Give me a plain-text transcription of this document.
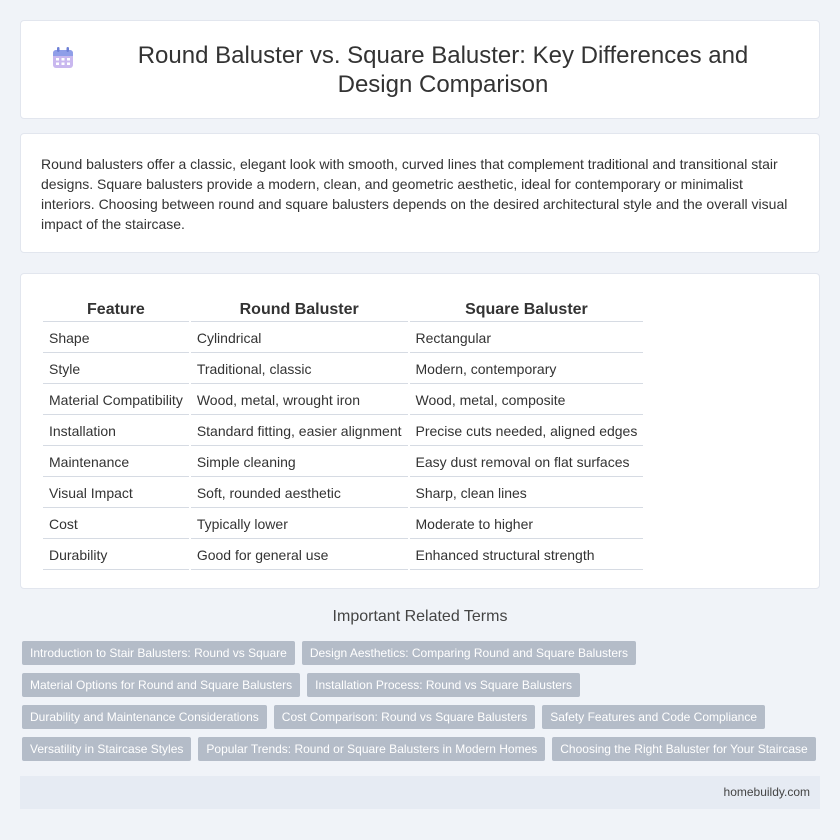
Round Baluster vs. Square Baluster: Key Differences and Design Comparison

Round balusters offer a classic, elegant look with smooth, curved lines that complement traditional and transitional stair designs. Square balusters provide a modern, clean, and geometric aesthetic, ideal for contemporary or minimalist interiors. Choosing between round and square balusters depends on the desired architectural style and the overall visual impact of the staircase.

Feature	Round Baluster	Square Baluster
Shape	Cylindrical	Rectangular
Style	Traditional, classic	Modern, contemporary
Material Compatibility	Wood, metal, wrought iron	Wood, metal, composite
Installation	Standard fitting, easier alignment	Precise cuts needed, aligned edges
Maintenance	Simple cleaning	Easy dust removal on flat surfaces
Visual Impact	Soft, rounded aesthetic	Sharp, clean lines
Cost	Typically lower	Moderate to higher
Durability	Good for general use	Enhanced structural strength
Important Related Terms
Introduction to Stair Balusters: Round vs Square	Design Aesthetics: Comparing Round and Square Balusters
Material Options for Round and Square Balusters	Installation Process: Round vs Square Balusters
Durability and Maintenance Considerations	Cost Comparison: Round vs Square Balusters	Safety Features and Code Compliance
Versatility in Staircase Styles	Popular Trends: Round or Square Balusters in Modern Homes	Choosing the Right Baluster for Your Staircase
homebuildy.com
